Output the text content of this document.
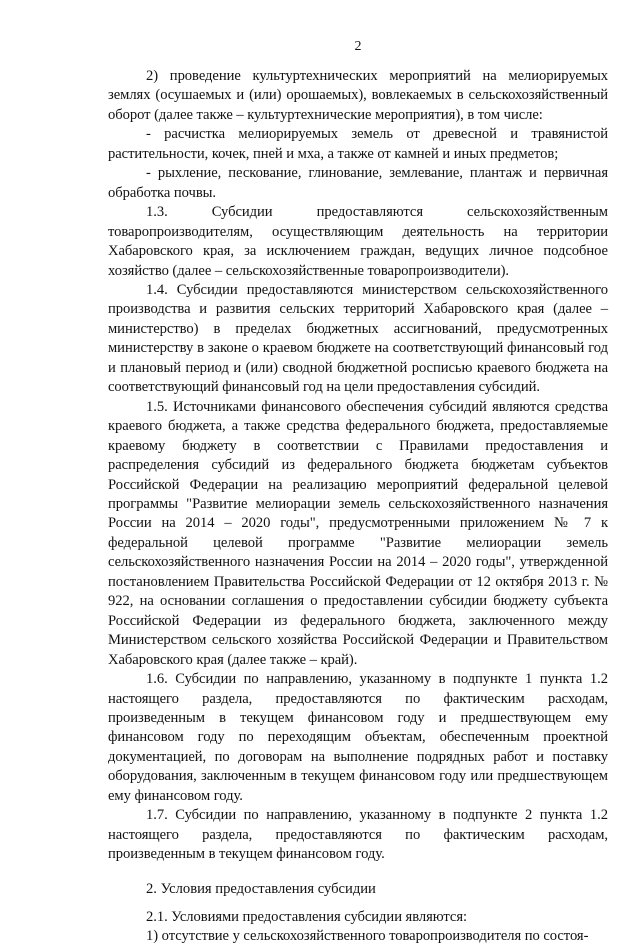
2

2) проведение культуртехнических мероприятий на мелиорируемых землях (осушаемых и (или) орошаемых), вовлекаемых в сельскохозяйственный оборот (далее также – культуртехнические мероприятия), в том числе:

- расчистка мелиорируемых земель от древесной и травянистой растительности, кочек, пней и мха, а также от камней и иных предметов;

- рыхление, пескование, глинование, землевание, плантаж и первичная обработка почвы.

1.3. Субсидии предоставляются сельскохозяйственным товаропроизводителям, осуществляющим деятельность на территории Хабаровского края, за исключением граждан, ведущих личное подсобное хозяйство (далее – сельскохозяйственные товаропроизводители).

1.4. Субсидии предоставляются министерством сельскохозяйственного производства и развития сельских территорий Хабаровского края (далее – министерство) в пределах бюджетных ассигнований, предусмотренных министерству в законе о краевом бюджете на соответствующий финансовый год и плановый период и (или) сводной бюджетной росписью краевого бюджета на соответствующий финансовый год на цели предоставления субсидий.

1.5. Источниками финансового обеспечения субсидий являются средства краевого бюджета, а также средства федерального бюджета, предоставляемые краевому бюджету в соответствии с Правилами предоставления и распределения субсидий из федерального бюджета бюджетам субъектов Российской Федерации на реализацию мероприятий федеральной целевой программы "Развитие мелиорации земель сельскохозяйственного назначения России на 2014 – 2020 годы", предусмотренными приложением № 7 к федеральной целевой программе "Развитие мелиорации земель сельскохозяйственного назначения России на 2014 – 2020 годы", утвержденной постановлением Правительства Российской Федерации от 12 октября 2013 г. № 922, на основании соглашения о предоставлении субсидии бюджету субъекта Российской Федерации из федерального бюджета, заключенного между Министерством сельского хозяйства Российской Федерации и Правительством Хабаровского края (далее также – край).

1.6. Субсидии по направлению, указанному в подпункте 1 пункта 1.2 настоящего раздела, предоставляются по фактическим расходам, произведенным в текущем финансовом году и предшествующем ему финансовом году по переходящим объектам, обеспеченным проектной документацией, по договорам на выполнение подрядных работ и поставку оборудования, заключенным в текущем финансовом году или предшествующем ему финансовом году.

1.7. Субсидии по направлению, указанному в подпункте 2 пункта 1.2 настоящего раздела, предоставляются по фактическим расходам, произведенным в текущем финансовом году.

2. Условия предоставления субсидии

2.1. Условиями предоставления субсидии являются:

1) отсутствие у сельскохозяйственного товаропроизводителя по состоя-
